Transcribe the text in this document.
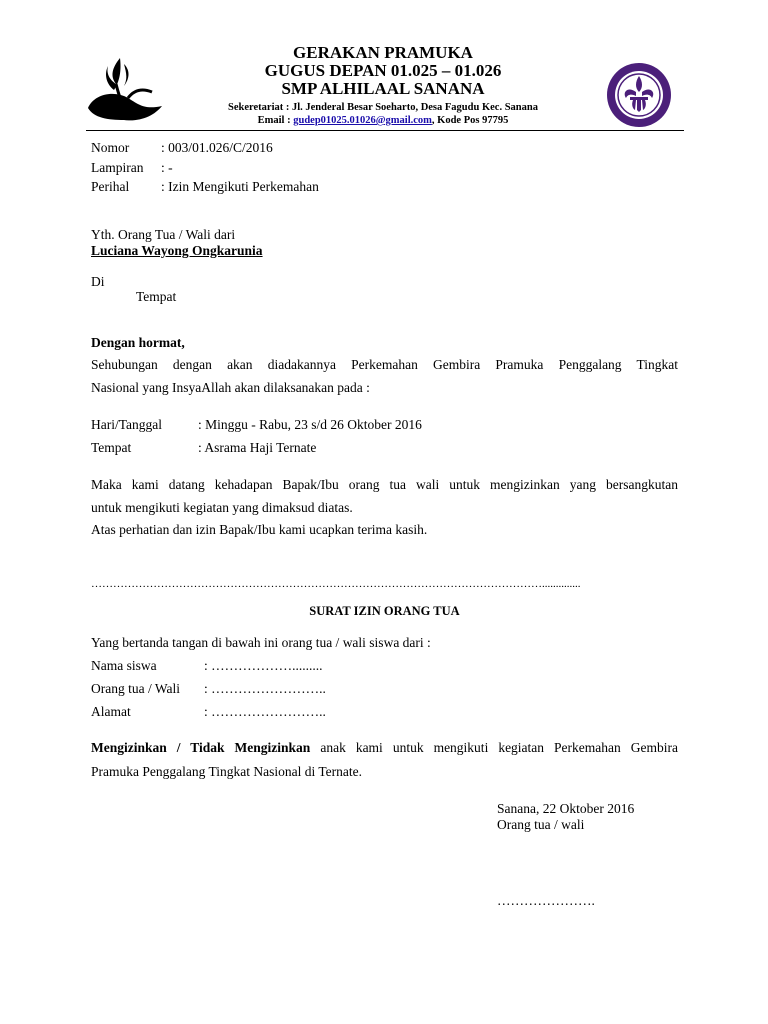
GERAKAN PRAMUKA
GUGUS DEPAN 01.025 – 01.026
SMP ALHILAAL SANANA
Sekeretariat : Jl. Jenderal Besar Soeharto, Desa Fagudu Kec. Sanana
Email : gudep01025.01026@gmail.com, Kode Pos 97795
Nomor : 003/01.026/C/2016
Lampiran : -
Perihal : Izin Mengikuti Perkemahan
Yth. Orang Tua / Wali dari
Luciana Wayong Ongkarunia
Di
Tempat
Dengan hormat,
Sehubungan dengan akan diadakannya Perkemahan Gembira Pramuka Penggalang Tingkat
Nasional yang InsyaAllah akan dilaksanakan pada :
Hari/Tanggal	: Minggu - Rabu, 23 s/d 26 Oktober 2016
Tempat	: Asrama Haji Ternate
Maka kami datang kehadapan Bapak/Ibu orang tua wali untuk mengizinkan yang bersangkutan
untuk mengikuti kegiatan yang dimaksud diatas.
Atas perhatian dan izin Bapak/Ibu kami ucapkan terima kasih.
……………………………………………………………………………………………………………..............
SURAT IZIN ORANG TUA
Yang bertanda tangan di bawah ini orang tua / wali siswa dari :
Nama siswa	: ……………….........
Orang tua / Wali : ……………………..
Alamat	: ……………………..
Mengizinkan / Tidak Mengizinkan anak kami untuk mengikuti kegiatan Perkemahan Gembira
Pramuka Penggalang Tingkat Nasional di Ternate.
Sanana, 22 Oktober 2016
Orang tua / wali
………………….
